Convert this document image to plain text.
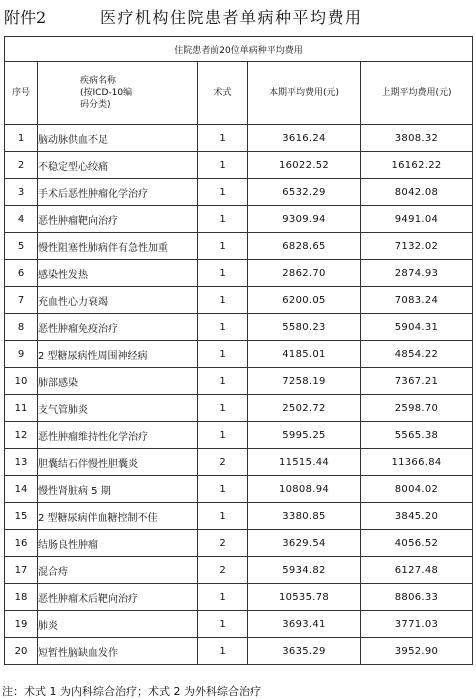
附件2	医疗机构住院患者单病种平均费用
住院患者前20位单病种平均费用				
序号	疾病名称
(按ICD-10编
码分类)	术式	本期平均费用(元)	上期平均费用(元)
1	脑动脉供血不足	1	3616.24	3808.32
2	不稳定型心绞痛	1	16022.52	16162.22
3	手术后恶性肿瘤化学治疗	1	6532.29	8042.08
4	恶性肿瘤靶向治疗	1	9309.94	9491.04
5	慢性阻塞性肺病伴有急性加重	1	6828.65	7132.02
6	感染性发热	1	2862.70	2874.93
7	充血性心力衰竭	1	6200.05	7083.24
8	恶性肿瘤免疫治疗	1	5580.23	5904.31
9	2 型糖尿病性周围神经病	1	4185.01	4854.22
10	肺部感染	1	7258.19	7367.21
11	支气管肺炎	1	2502.72	2598.70
12	恶性肿瘤维持性化学治疗	1	5995.25	5565.38
13	胆囊结石伴慢性胆囊炎	2	11515.44	11366.84
14	慢性肾脏病 5 期	1	10808.94	8004.02
15	2 型糖尿病伴血糖控制不佳	1	3380.85	3845.20
16	结肠良性肿瘤	2	3629.54	4056.52
17	混合痔	2	5934.82	6127.48
18	恶性肿瘤术后靶向治疗	1	10535.78	8806.33
19	肺炎	1	3693.41	3771.03
20	短暂性脑缺血发作	1	3635.29	3952.90
注：术式 1 为内科综合治疗；术式 2 为外科综合治疗
